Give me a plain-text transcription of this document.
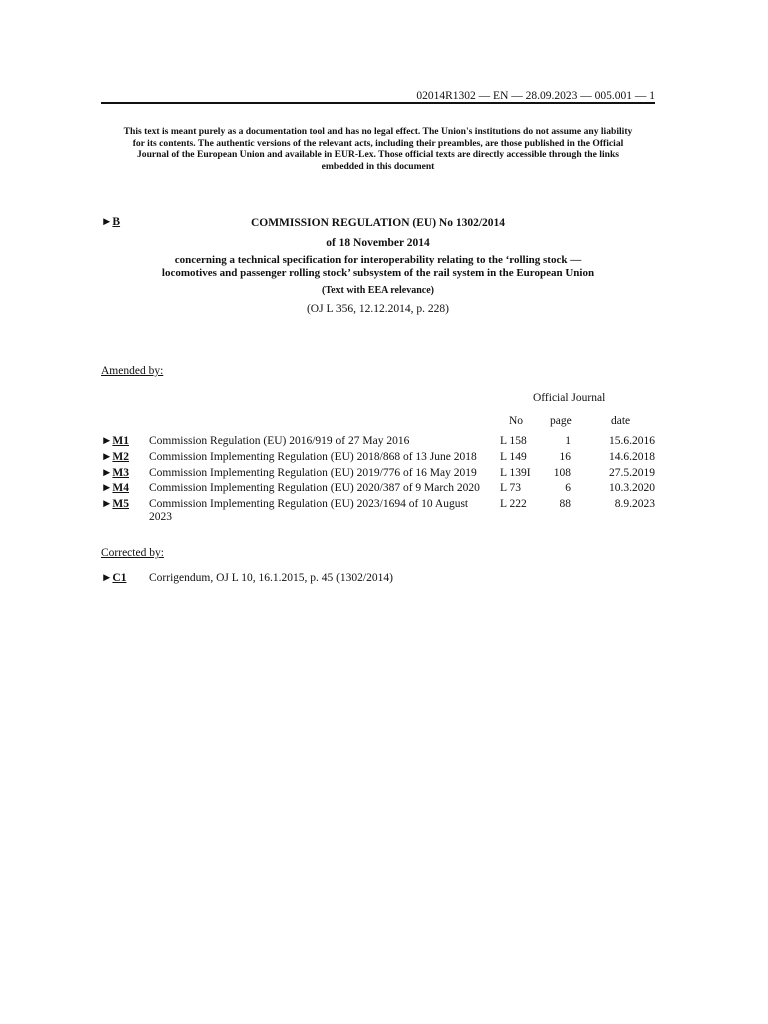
02014R1302 — EN — 28.09.2023 — 005.001 — 1
This text is meant purely as a documentation tool and has no legal effect. The Union's institutions do not assume any liability
for its contents. The authentic versions of the relevant acts, including their preambles, are those published in the Official
Journal of the European Union and available in EUR-Lex. Those official texts are directly accessible through the links
embedded in this document
►B	COMMISSION REGULATION (EU) No 1302/2014
of 18 November 2014
concerning a technical specification for interoperability relating to the ‘rolling stock —
locomotives and passenger rolling stock’ subsystem of the rail system in the European Union
(Text with EEA relevance)
(OJ L 356, 12.12.2014, p. 228)
Amended by:
Official Journal
No page	date
►M1 Commission Regulation (EU) 2016/919 of 27 May 2016	L 158	1	15.6.2016
►M2 Commission Implementing Regulation (EU) 2018/868 of 13 June 2018	L 149	16	14.6.2018
►M3 Commission Implementing Regulation (EU) 2019/776 of 16 May 2019	L 139I	108	27.5.2019
►M4 Commission Implementing Regulation (EU) 2020/387 of 9 March 2020	L 73	6	10.3.2020
►M5 Commission Implementing Regulation (EU) 2023/1694 of 10 August 2023
L 222	88	8.9.2023
Corrected by:
►C1 Corrigendum, OJ L 10, 16.1.2015, p. 45 (1302/2014)
